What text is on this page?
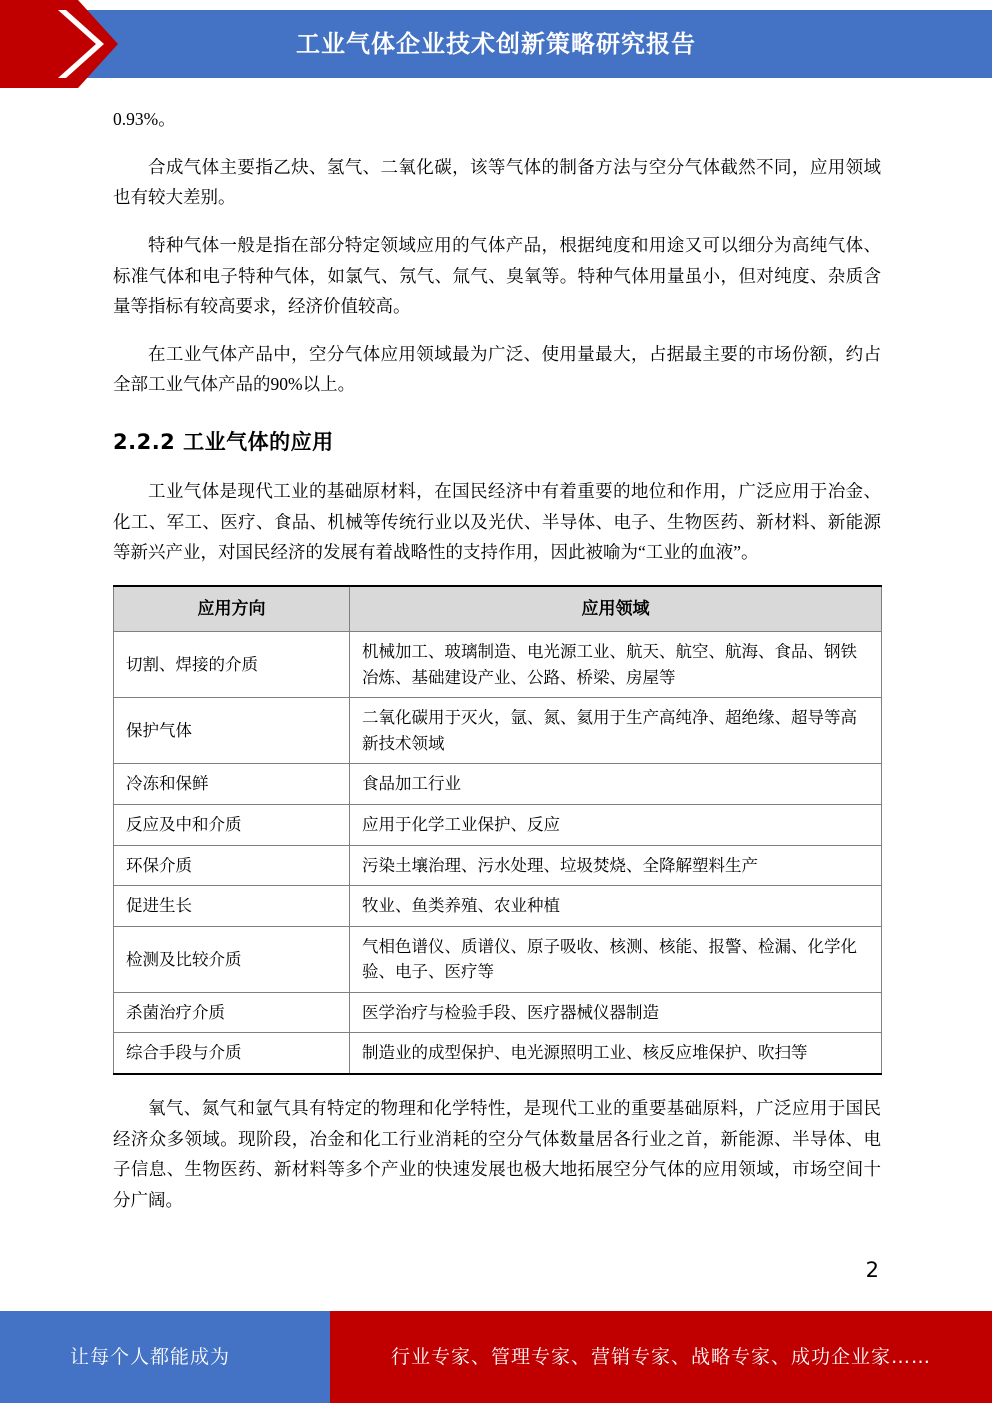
工业气体企业技术创新策略研究报告

0.93%。

合成气体主要指乙炔、氢气、二氧化碳，该等气体的制备方法与空分气体截然不同，应用领域也有较大差别。

特种气体一般是指在部分特定领域应用的气体产品，根据纯度和用途又可以细分为高纯气体、标准气体和电子特种气体，如氯气、氖气、氚气、臭氧等。特种气体用量虽小，但对纯度、杂质含量等指标有较高要求，经济价值较高。

在工业气体产品中，空分气体应用领域最为广泛、使用量最大，占据最主要的市场份额，约占全部工业气体产品的90%以上。

2.2.2 工业气体的应用

工业气体是现代工业的基础原材料，在国民经济中有着重要的地位和作用，广泛应用于冶金、化工、军工、医疗、食品、机械等传统行业以及光伏、半导体、电子、生物医药、新材料、新能源等新兴产业，对国民经济的发展有着战略性的支持作用，因此被喻为“工业的血液”。

应用方向	应用领域
切割、焊接的介质	机械加工、玻璃制造、电光源工业、航天、航空、航海、食品、钢铁冶炼、基础建设产业、公路、桥梁、房屋等
保护气体	二氧化碳用于灭火，氩、氮、氦用于生产高纯净、超绝缘、超导等高新技术领域
冷冻和保鲜	食品加工行业
反应及中和介质	应用于化学工业保护、反应
环保介质	污染土壤治理、污水处理、垃圾焚烧、全降解塑料生产
促进生长	牧业、鱼类养殖、农业种植
检测及比较介质	气相色谱仪、质谱仪、原子吸收、核测、核能、报警、检漏、化学化验、电子、医疗等
杀菌治疗介质	医学治疗与检验手段、医疗器械仪器制造
综合手段与介质	制造业的成型保护、电光源照明工业、核反应堆保护、吹扫等

氧气、氮气和氩气具有特定的物理和化学特性，是现代工业的重要基础原料，广泛应用于国民经济众多领域。现阶段，冶金和化工行业消耗的空分气体数量居各行业之首，新能源、半导体、电子信息、生物医药、新材料等多个产业的快速发展也极大地拓展空分气体的应用领域，市场空间十分广阔。

2
让每个人都能成为	行业专家、管理专家、营销专家、战略专家、成功企业家……
